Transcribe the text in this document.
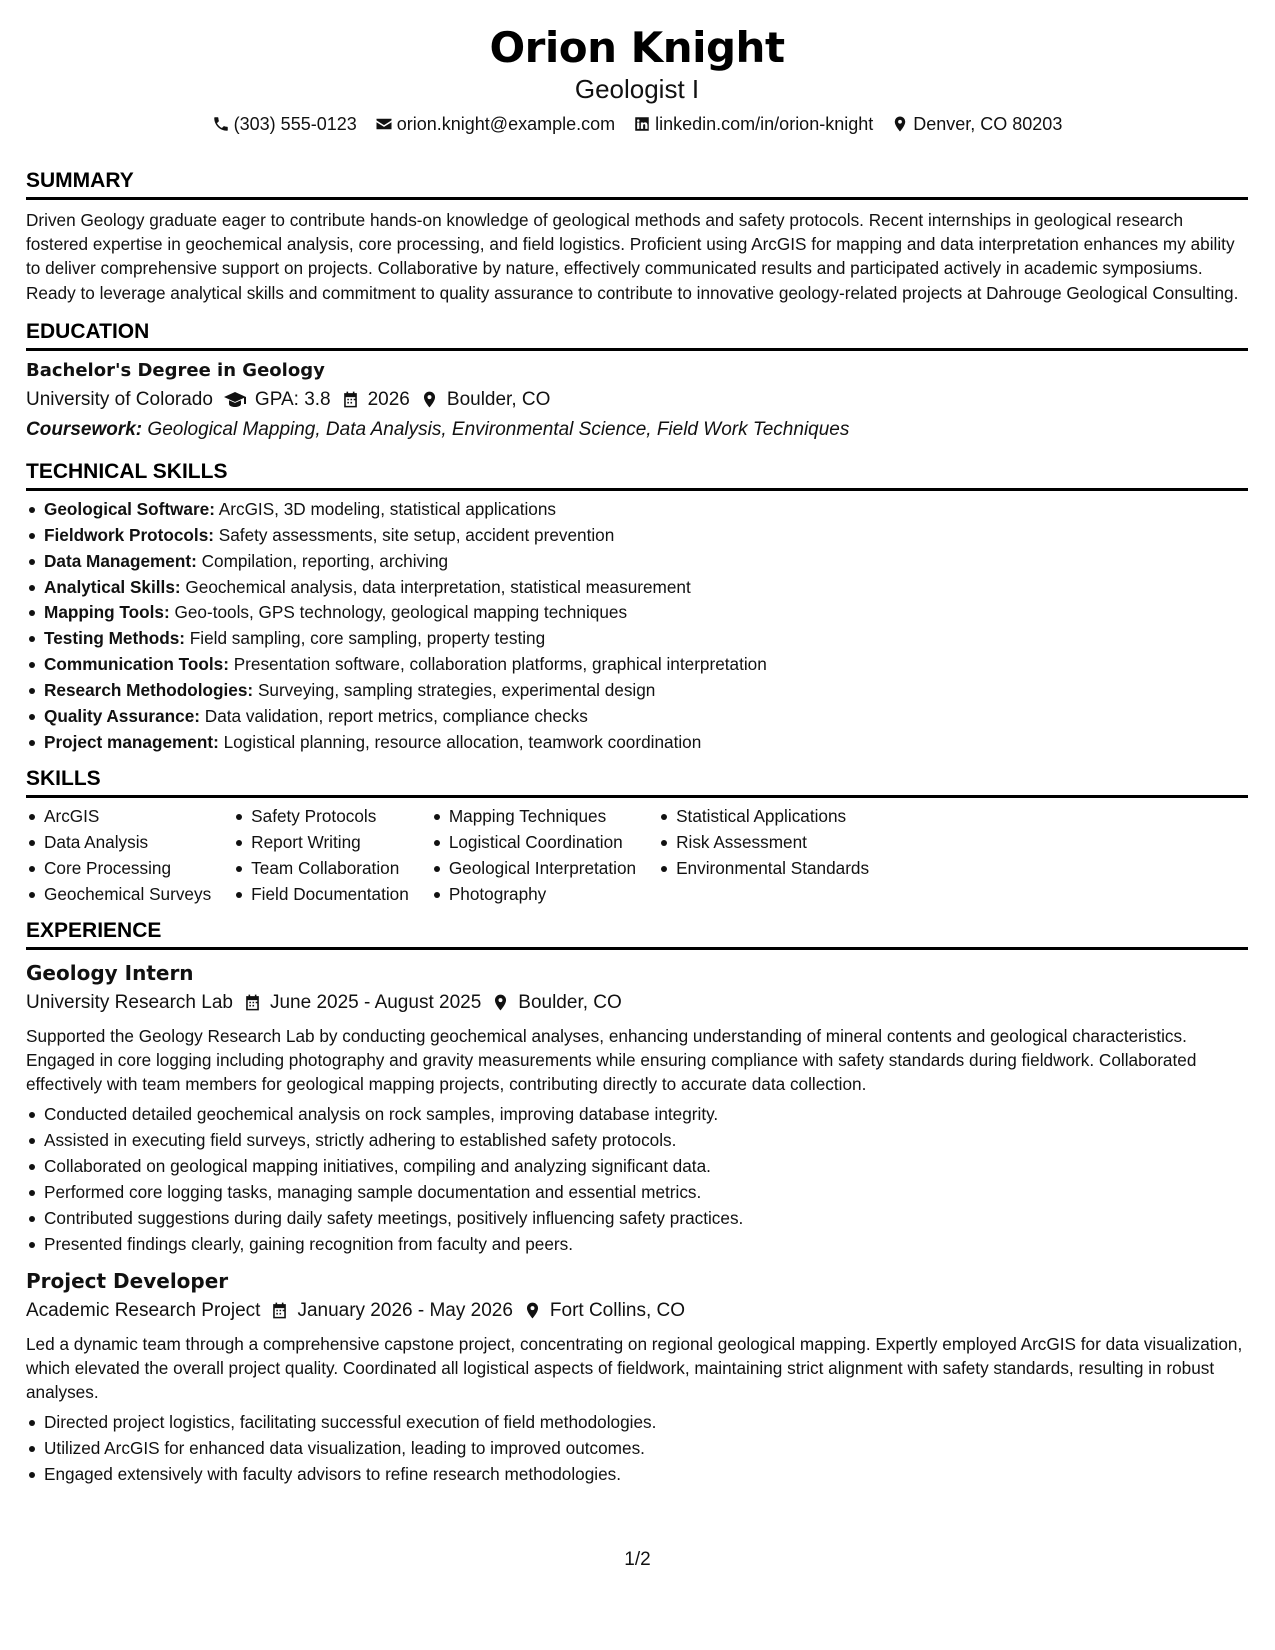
Orion Knight
Geologist I
(303) 555-0123 orion.knight@example.com linkedin.com/in/orion-knight Denver, CO 80203
SUMMARY
Driven Geology graduate eager to contribute hands-on knowledge of geological methods and safety protocols. Recent internships in geological research fostered expertise in geochemical analysis, core processing, and field logistics. Proficient using ArcGIS for mapping and data interpretation enhances my ability to deliver comprehensive support on projects. Collaborative by nature, effectively communicated results and participated actively in academic symposiums. Ready to leverage analytical skills and commitment to quality assurance to contribute to innovative geology-related projects at Dahrouge Geological Consulting.
EDUCATION
Bachelor's Degree in Geology
University of Colorado GPA: 3.8 2026 Boulder, CO
Coursework: Geological Mapping, Data Analysis, Environmental Science, Field Work Techniques
TECHNICAL SKILLS
Geological Software: ArcGIS, 3D modeling, statistical applications
Fieldwork Protocols: Safety assessments, site setup, accident prevention
Data Management: Compilation, reporting, archiving
Analytical Skills: Geochemical analysis, data interpretation, statistical measurement
Mapping Tools: Geo-tools, GPS technology, geological mapping techniques
Testing Methods: Field sampling, core sampling, property testing
Communication Tools: Presentation software, collaboration platforms, graphical interpretation
Research Methodologies: Surveying, sampling strategies, experimental design
Quality Assurance: Data validation, report metrics, compliance checks
Project management: Logistical planning, resource allocation, teamwork coordination
SKILLS
ArcGIS
Data Analysis
Core Processing
Geochemical Surveys
Safety Protocols
Report Writing
Team Collaboration
Field Documentation
Mapping Techniques
Logistical Coordination
Geological Interpretation
Photography
Statistical Applications
Risk Assessment
Environmental Standards
EXPERIENCE
Geology Intern
University Research Lab June 2025 - August 2025 Boulder, CO
Supported the Geology Research Lab by conducting geochemical analyses, enhancing understanding of mineral contents and geological characteristics. Engaged in core logging including photography and gravity measurements while ensuring compliance with safety standards during fieldwork. Collaborated effectively with team members for geological mapping projects, contributing directly to accurate data collection.
Conducted detailed geochemical analysis on rock samples, improving database integrity.
Assisted in executing field surveys, strictly adhering to established safety protocols.
Collaborated on geological mapping initiatives, compiling and analyzing significant data.
Performed core logging tasks, managing sample documentation and essential metrics.
Contributed suggestions during daily safety meetings, positively influencing safety practices.
Presented findings clearly, gaining recognition from faculty and peers.
Project Developer
Academic Research Project January 2026 - May 2026 Fort Collins, CO
Led a dynamic team through a comprehensive capstone project, concentrating on regional geological mapping. Expertly employed ArcGIS for data visualization, which elevated the overall project quality. Coordinated all logistical aspects of fieldwork, maintaining strict alignment with safety standards, resulting in robust analyses.
Directed project logistics, facilitating successful execution of field methodologies.
Utilized ArcGIS for enhanced data visualization, leading to improved outcomes.
Engaged extensively with faculty advisors to refine research methodologies.
1/2
